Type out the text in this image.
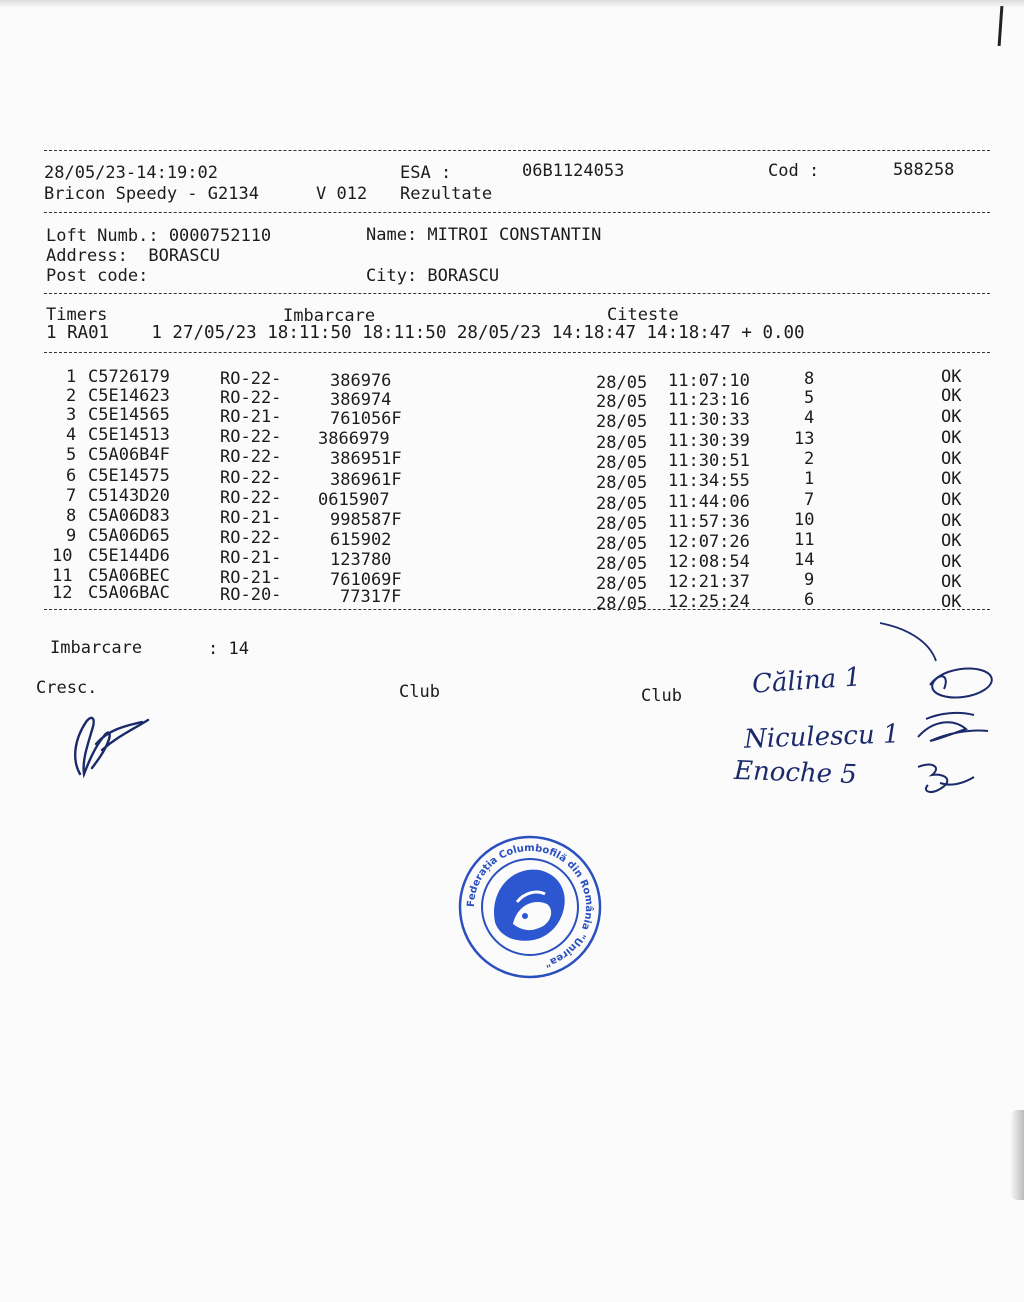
28/05/23-14:19:02	ESA :	06B1124053	Cod :	588258
Bricon Speedy - G2134	V 012 Rezultate
Loft Numb.: 0000752110	Name: MITROI CONSTANTIN
Address:  BORASCU
Post code:	City: BORASCU
Timers	Imbarcare	Citeste
1 RA01    1 27/05/23 18:11:50 18:11:50 28/05/23 14:18:47 14:18:47 + 0.00
1 C5726179	RO-22-	386976	28/05 11:07:10	8	OK
2 C5E14623	RO-22-	386974	28/05 11:23:16	5	OK
3 C5E14565	RO-21-	761056F	28/05 11:30:33	4	OK
4 C5E14513	RO-22- 3866979	28/05 11:30:39	13	OK
5 C5A06B4F	RO-22-	386951F	28/05 11:30:51	2	OK
6 C5E14575	RO-22-	386961F	28/05 11:34:55	1	OK
7 C5143D20	RO-22- 0615907	28/05 11:44:06	7	OK
8 C5A06D83	RO-21-	998587F	28/05 11:57:36	10	OK
9 C5A06D65	RO-22-	615902	28/05 12:07:26	11	OK
10 C5E144D6	RO-21-	123780	28/05 12:08:54	14	OK
11 C5A06BEC	RO-21-	761069F	28/05 12:21:37	9	OK
12 C5A06BAC	RO-20-	77317F	28/05 12:25:24	6	OK
Imbarcare	: 14
Cresc.	Club	Club	Călina 1
Niculescu 1
Enoche 5
Federația Columbofilă din România "Unirea"
